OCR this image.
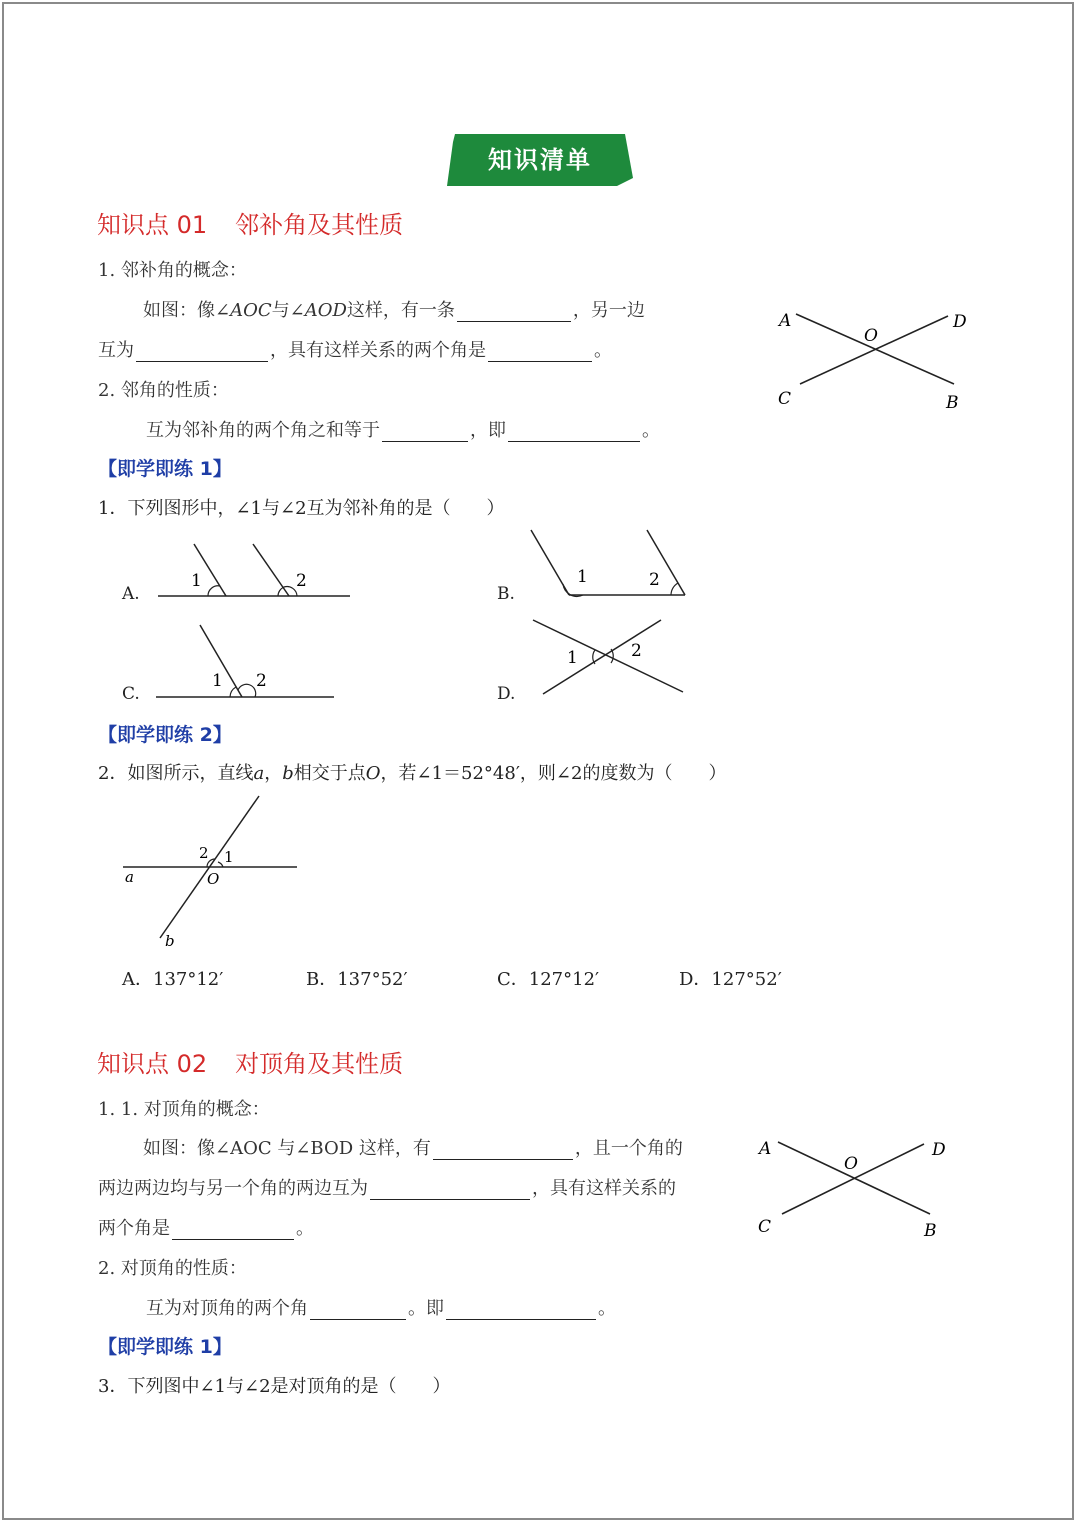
知识清单
知识点 01 邻补角及其性质
1. 邻补角的概念：
如图：像∠AOC与∠AOD这样，有一条	，另一边
互为	，具有这样关系的两个角是	。
2. 邻角的性质：
互为邻补角的两个角之和等于	，即	。
A
O
D
C	B
【即学即练 1】
1．下列图形中，∠1与∠2互为邻补角的是（　　）
A.
1	2
B.
1	2
C.
1 2
D.
1	2
【即学即练 2】
2．如图所示，直线a，b相交于点O，若∠1＝52°48′，则∠2的度数为（　　）
2 1
O
a
b
A．137°12′	B．137°52′	C．127°12′	D．127°52′
知识点 02 对顶角及其性质
1. 1. 对顶角的概念：
如图：像∠AOC 与∠BOD 这样，有	，且一个角的
两边两边均与另一个角的两边互为	，具有这样关系的
两个角是	。
2. 对顶角的性质：
互为对顶角的两个角	。即	。
A
O
D
C	B
【即学即练 1】
3．下列图中∠1与∠2是对顶角的是（　　）
